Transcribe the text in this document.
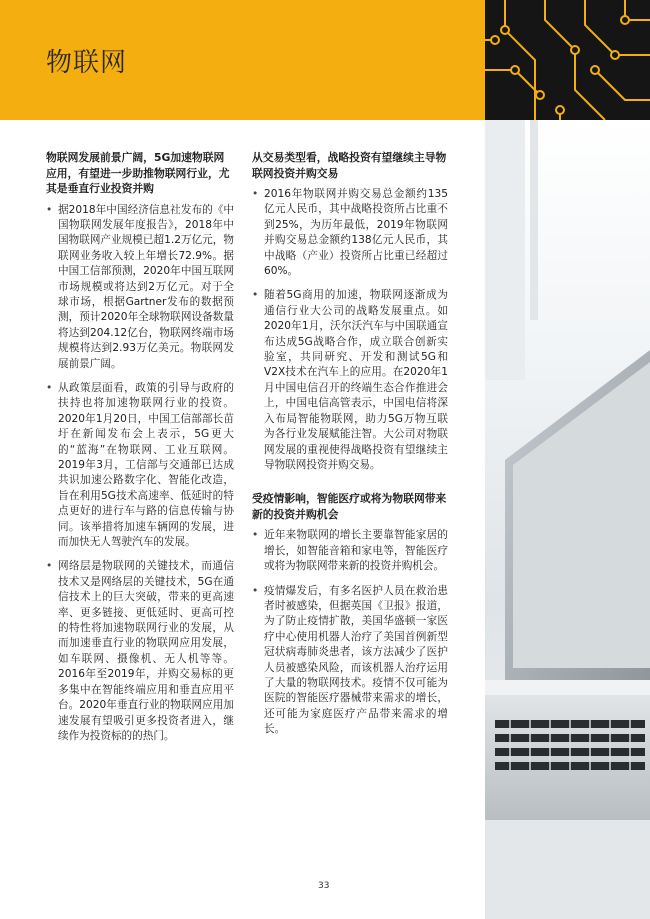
物联网
物联网发展前景广阔，5G加速物联网应用，有望进一步助推物联网行业，尤其是垂直行业投资并购
• 据2018年中国经济信息社发布的《中国物联网发展年度报告》，2018年中国物联网产业规模已超1.2万亿元，物联网业务收入较上年增长72.9%。据中国工信部预测，2020年中国互联网市场规模或将达到2万亿元。对于全球市场，根据Gartner发布的数据预测，预计2020年全球物联网设备数量将达到204.12亿台，物联网终端市场规模将达到2.93万亿美元。物联网发展前景广阔。
• 从政策层面看，政策的引导与政府的扶持也将加速物联网行业的投资。2020年1月20日，中国工信部部长苗圩在新闻发布会上表示，5G更大的“蓝海”在物联网、工业互联网。2019年3月，工信部与交通部已达成共识加速公路数字化、智能化改造，旨在利用5G技术高速率、低延时的特点更好的进行车与路的信息传输与协同。该举措将加速车辆网的发展，进而加快无人驾驶汽车的发展。
• 网络层是物联网的关键技术，而通信技术又是网络层的关键技术，5G在通信技术上的巨大突破，带来的更高速率、更多链接、更低延时、更高可控的特性将加速物联网行业的发展，从而加速垂直行业的物联网应用发展，如车联网、摄像机、无人机等等。2016年至2019年，并购交易标的更多集中在智能终端应用和垂直应用平台。2020年垂直行业的物联网应用加速发展有望吸引更多投资者进入，继续作为投资标的的热门。
从交易类型看，战略投资有望继续主导物联网投资并购交易
• 2016年物联网并购交易总金额约135亿元人民币，其中战略投资所占比重不到25%，为历年最低，2019年物联网并购交易总金额约138亿元人民币，其中战略（产业）投资所占比重已经超过60%。
• 随着5G商用的加速，物联网逐渐成为通信行业大公司的战略发展重点。如2020年1月，沃尔沃汽车与中国联通宣布达成5G战略合作，成立联合创新实验室，共同研究、开发和测试5G和V2X技术在汽车上的应用。在2020年1月中国电信召开的终端生态合作推进会上，中国电信高管表示，中国电信将深入布局智能物联网，助力5G万物互联为各行业发展赋能注智。大公司对物联网发展的重视使得战略投资有望继续主导物联网投资并购交易。
受疫情影响，智能医疗或将为物联网带来新的投资并购机会
• 近年来物联网的增长主要靠智能家居的增长，如智能音箱和家电等，智能医疗或将为物联网带来新的投资并购机会。
• 疫情爆发后，有多名医护人员在救治患者时被感染，但据英国《卫报》报道，为了防止疫情扩散，美国华盛顿一家医疗中心使用机器人治疗了美国首例新型冠状病毒肺炎患者，该方法减少了医护人员被感染风险，而该机器人治疗运用了大量的物联网技术。疫情不仅可能为医院的智能医疗器械带来需求的增长，还可能为家庭医疗产品带来需求的增长。
33
